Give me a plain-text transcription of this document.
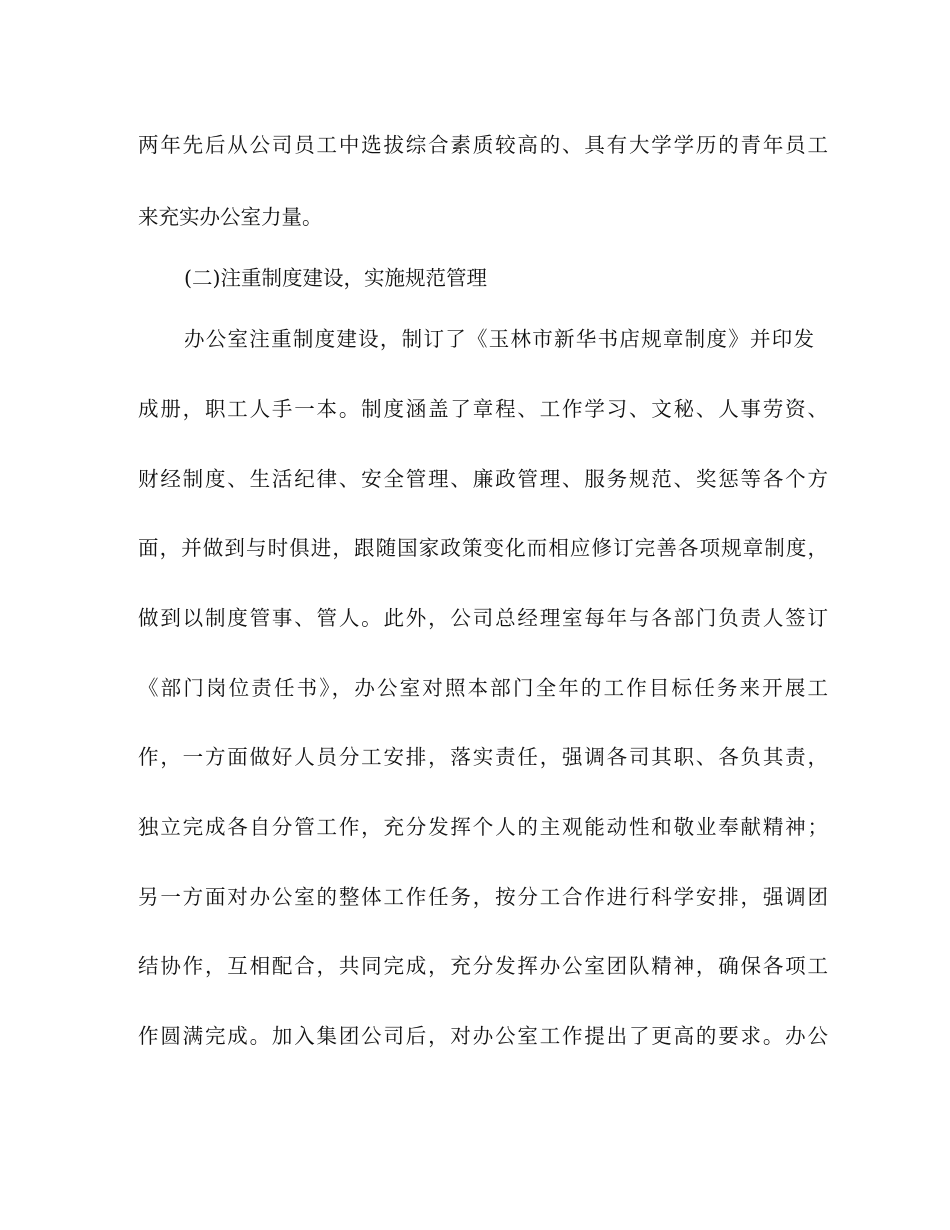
两年先后从公司员工中选拔综合素质较高的、具有大学学历的青年员工

来充实办公室力量。

(二)注重制度建设，实施规范管理

办公室注重制度建设，制订了《玉林市新华书店规章制度》并印发

成册，职工人手一本。制度涵盖了章程、工作学习、文秘、人事劳资、

财经制度、生活纪律、安全管理、廉政管理、服务规范、奖惩等各个方

面，并做到与时俱进，跟随国家政策变化而相应修订完善各项规章制度，

做到以制度管事、管人。此外，公司总经理室每年与各部门负责人签订

《部门岗位责任书》，办公室对照本部门全年的工作目标任务来开展工

作，一方面做好人员分工安排，落实责任，强调各司其职、各负其责，

独立完成各自分管工作，充分发挥个人的主观能动性和敬业奉献精神；

另一方面对办公室的整体工作任务，按分工合作进行科学安排，强调团

结协作，互相配合，共同完成，充分发挥办公室团队精神，确保各项工

作圆满完成。加入集团公司后，对办公室工作提出了更高的要求。办公
